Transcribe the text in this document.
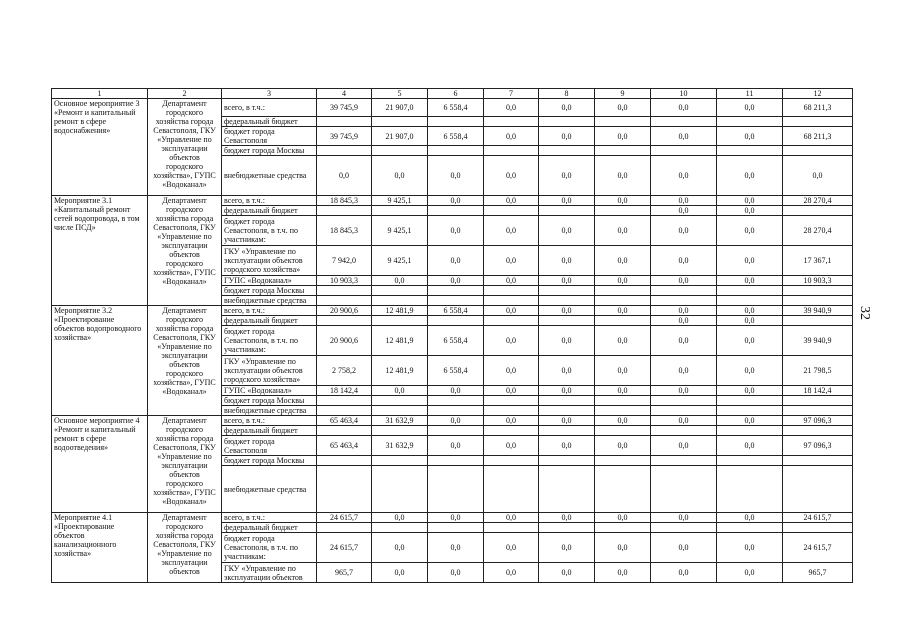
1	2	3	4	5	6	7	8	9	10	11	12
Основное мероприятие 3 «Ремонт и капитальный ремонт в сфере водоснабжения»	Департамент городского хозяйства города Севастополя, ГКУ «Управление по эксплуатации объектов городского хозяйства», ГУПС «Водоканал»	всего, в т.ч.:	39 745,9	21 907,0	6 558,4	0,0	0,0	0,0	0,0	0,0	68 211,3
		федеральный бюджет									
		бюджет города Севастополя	39 745,9	21 907,0	6 558,4	0,0	0,0	0,0	0,0	0,0	68 211,3
		бюджет города Москвы									
		внебюджетные средства	0,0	0,0	0,0	0,0	0,0	0,0	0,0	0,0	0,0
Мероприятие 3.1 «Капитальный ремонт сетей водопровода, в том числе ПСД»	Департамент городского хозяйства города Севастополя, ГКУ «Управление по эксплуатации объектов городского хозяйства», ГУПС «Водоканал»	всего, в т.ч.:	18 845,3	9 425,1	0,0	0,0	0,0	0,0	0,0	0,0	28 270,4
		федеральный бюджет							0,0	0,0	
		бюджет города Севастополя, в т.ч. по участникам:	18 845,3	9 425,1	0,0	0,0	0,0	0,0	0,0	0,0	28 270,4
		ГКУ «Управление по эксплуатации объектов городского хозяйства»	7 942,0	9 425,1	0,0	0,0	0,0	0,0	0,0	0,0	17 367,1
		ГУПС «Водоканал»	10 903,3	0,0	0,0	0,0	0,0	0,0	0,0	0,0	10 903,3
		бюджет города Москвы									
		внебюджетные средства									
Мероприятие 3.2 «Проектирование объектов водопроводного хозяйства»	Департамент городского хозяйства города Севастополя, ГКУ «Управление по эксплуатации объектов городского хозяйства», ГУПС «Водоканал»	всего, в т.ч.:	20 900,6	12 481,9	6 558,4	0,0	0,0	0,0	0,0	0,0	39 940,9
		федеральный бюджет							0,0	0,0	
		бюджет города Севастополя, в т.ч. по участникам:	20 900,6	12 481,9	6 558,4	0,0	0,0	0,0	0,0	0,0	39 940,9
		ГКУ «Управление по эксплуатации объектов городского хозяйства»	2 758,2	12 481,9	6 558,4	0,0	0,0	0,0	0,0	0,0	21 798,5
		ГУПС «Водоканал»	18 142,4	0,0	0,0	0,0	0,0	0,0	0,0	0,0	18 142,4
		бюджет города Москвы									
		внебюджетные средства									
Основное мероприятие 4 «Ремонт и капитальный ремонт в сфере водоотведения»	Департамент городского хозяйства города Севастополя, ГКУ «Управление по эксплуатации объектов городского хозяйства», ГУПС «Водоканал»	всего, в т.ч.:	65 463,4	31 632,9	0,0	0,0	0,0	0,0	0,0	0,0	97 096,3
		федеральный бюджет									
		бюджет города Севастополя	65 463,4	31 632,9	0,0	0,0	0,0	0,0	0,0	0,0	97 096,3
		бюджет города Москвы									
		внебюджетные средства									
Мероприятие 4.1 «Проектирование объектов канализационного хозяйства»	Департамент городского хозяйства города Севастополя, ГКУ «Управление по эксплуатации объектов	всего, в т.ч.:	24 615,7	0,0	0,0	0,0	0,0	0,0	0,0	0,0	24 615,7
		федеральный бюджет									
		бюджет города Севастополя, в т.ч. по участникам:	24 615,7	0,0	0,0	0,0	0,0	0,0	0,0	0,0	24 615,7
		ГКУ «Управление по эксплуатации объектов	965,7	0,0	0,0	0,0	0,0	0,0	0,0	0,0	965,7
32
